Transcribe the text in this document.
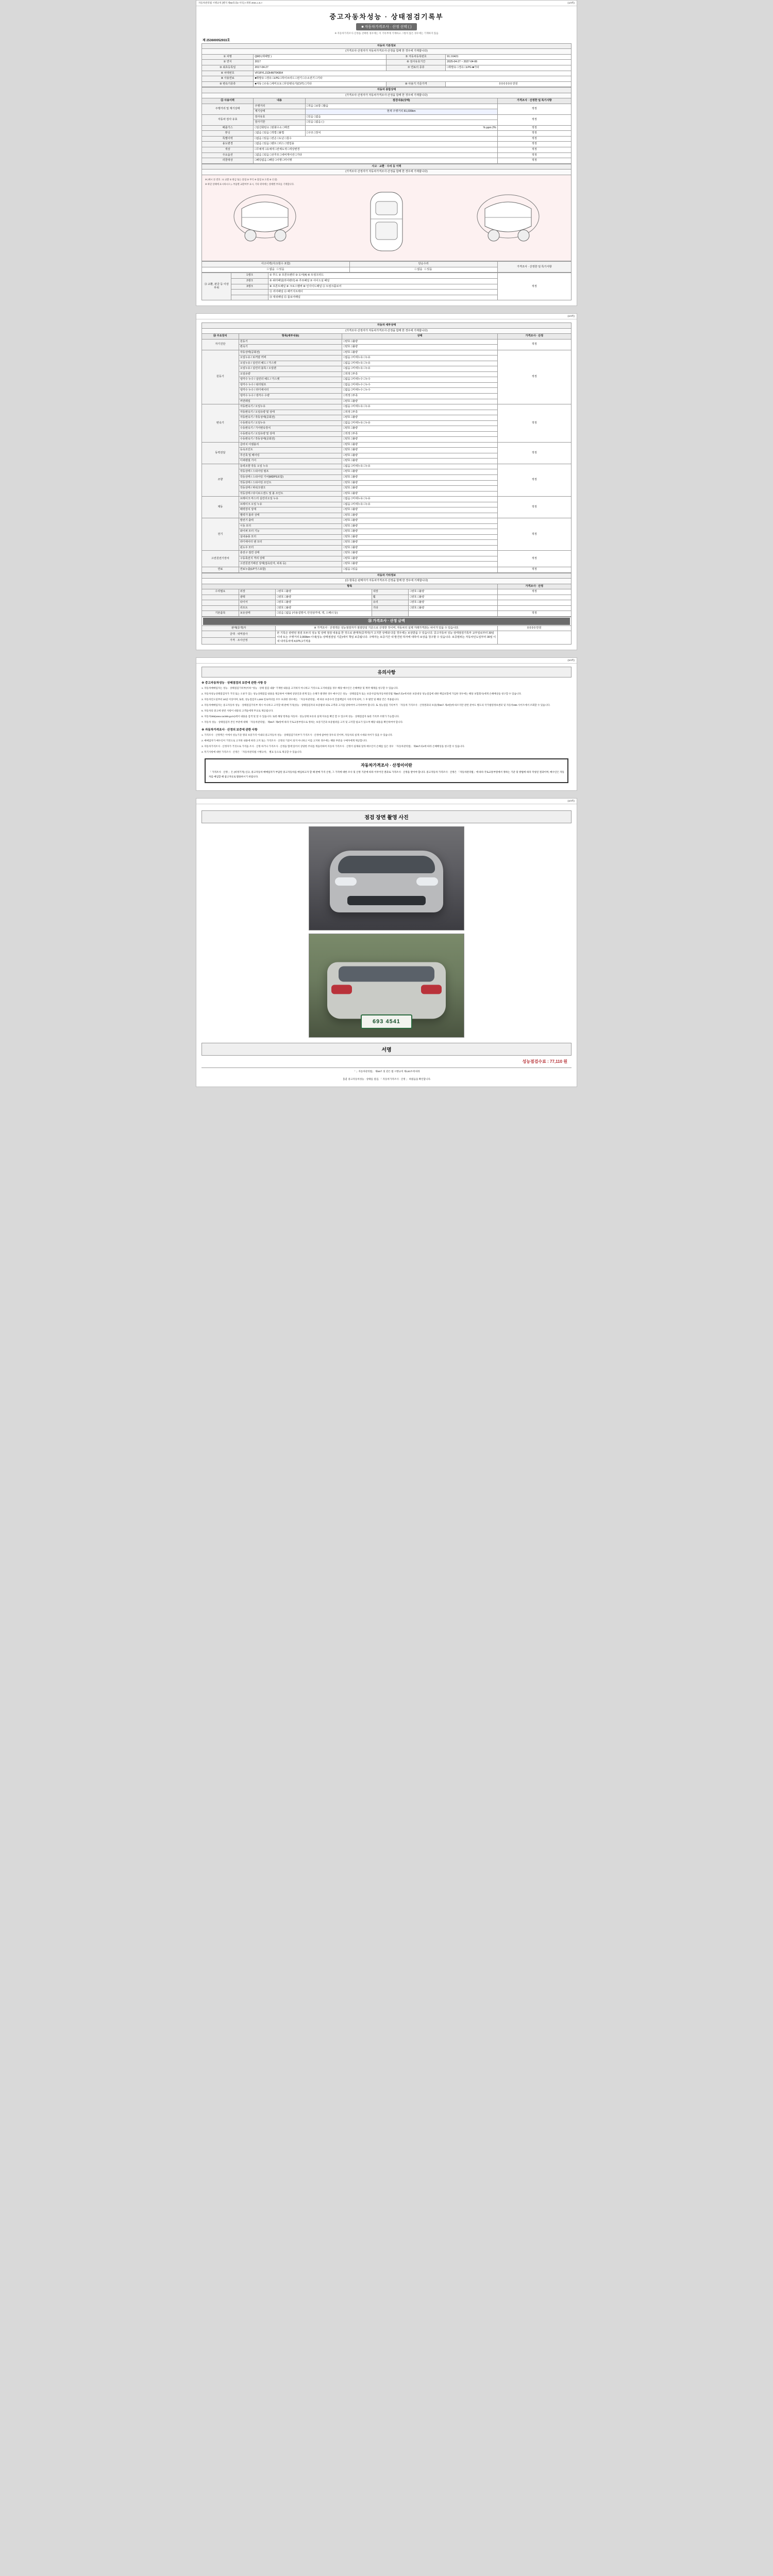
자동차관리법 시행규칙 [별지 제82호의2 서식] <개정 2021.1.5.>	(1/4쪽)
중고자동차성능 · 상태점검기록부
■ 자동차가격조사 · 산정 선택 ( )
※ 자동차가격조사·산정을 선택한 경우에는 이 기록부에 기재하고 그렇지 않은 경우에는 기재하지 않음
제 253600052933호
자동차 기본정보			
(가격조사·산정자가 자동차가격조사·산정을 함께 한 경우에 기재합니다)			
① 차명	QM3 (에쎄딸 )	⑤ 자동차등록번호	91고6421
② 연식	2017	⑥ 검사유효기간	2025-04-27 ~ 2027-04-06
③ 최초등록일	2017-04-27	⑦ 연료의 종류	□휘발유 □경유 □LPG ■기타
④ 차대번호	VF1RYLJ1DHW704364		
⑧ 사용연료	■휘발유 □경유 □LPG □하이브리드 □전기 □수소전기 □기타		
⑨ 변속기종류	■자동 □수동 □세미오토 □무단변속기(CVT) □기타	⑩ 사용기 기준가격	0 0 0 0 0 0 만원
자동차 종합상태			
(가격조사·산정자가 자동차가격조사·산정을 함께 한 경우에 기재합니다)			
⑪ 사용이력	내용	점검내용(상태)	가격조사 · 산정한 일 특기사항
주행거리 및 계기상태	주행거리	□적음 □보통 □많음	적정
	계기상태	현재 주행거리 81,039km	
자동차 검사 유효	검사유효	□있음 □없음	적정
	검사기한	□있음 □없음 ( )	
배출가스	□일산화탄소 □탄화수소 □매연	% ppm 2%	적정
튜닝	□없음 □있음 □적법 □불법	□구조 □장치	적정
특별이력	□없음 □있음 □전손 □도난 □침수		적정
용도변경	□없음 □있음 □렌트 □리스 □영업용		적정
색상	□무채색 □유채색 □전체도색 □색상변경		적정
주요옵션	□없음 □있음 □선루프 □내비게이션 □기타		적정
리콜대상	□해당없음 □해당 □이행 □미이행		적정
사고 · 교환 · 수리 등 이력
(가격조사·산정자가 자동차가격조사·산정을 함께 한 경우에 기재합니다)
※ (예시 ⑫ 번호 : ① 교환 ② 판금 또는 용접 ③ 부식 ④ 흠집 ⑤ 요철 ⑥ 손상)
※ 하단 상태에 표시하시오 ▷ 부품별 교환여부 표시, 기타 위치에는 상태별 부호를 기재합니다.
사고이력(사고/침수 포함)	단순수리	가격조사 · 산정한 일 특기사항
□ 없음   □ 있음	□ 없음   □ 있음	
⑬ 교환, 판금 등 이상 부위	1랭크	① 후드 ② 프론트펜더 ③ 도어(4) ④ 트렁크리드	적정
	2랭크	⑤ 쿼터패널(리어펜더) ⑥ 루프패널 ⑦ 사이드실 패널	
	3랭크	⑧ 프론트패널 ⑨ 크로스멤버 ⑩ 인사이드패널 ⑪ 트렁크플로어	
		⑫ 리어패널 ⑬ 패키지트레이	
		⑭ 대쉬패널 ⑮ 플로어패널	

(2/4쪽)
자동차 세부상태			
(가격조사·산정자가 자동차가격조사·산정을 함께 한 경우에 기재합니다)			
⑭ 주요장치	항목(세부내용)	상태	가격조사 · 산정
자기진단	원동기	□양호 □불량	적정
	변속기	□양호 □불량	
원동기	작동상태(공회전)	□양호 □불량	적정
	오일누유 / 로커암 커버	□없음 □미세누유 □누유	
	오일누유 / 실린더 헤드 / 가스켓	□없음 □미세누유 □누유	
	오일누유 / 실린더 블록 / 오일팬	□없음 □미세누유 □누유	
	오일유량	□적정 □부족	
	냉각수 누수 / 실린더 헤드 / 가스켓	□없음 □미세누수 □누수	
	냉각수 누수 / 워터펌프	□없음 □미세누수 □누수	
	냉각수 누수 / 라디에이터	□없음 □미세누수 □누수	
	냉각수 누수 / 냉각수 수량	□적정 □부족	
	커먼레일	□양호 □불량	
변속기	자동변속기 / 오일누유	□없음 □미세누유 □누유	적정
	자동변속기 / 오일유량 및 상태	□적정 □부족	
	자동변속기 / 작동상태(공회전)	□양호 □불량	
	수동변속기 / 오일누유	□없음 □미세누유 □누유	
	수동변속기 / 기어변속장치	□양호 □불량	
	수동변속기 / 오일유량 및 상태	□적정 □부족	
	수동변속기 / 작동상태(공회전)	□양호 □불량	
동력전달	클러치 어셈블리	□양호 □불량	적정
	등속조인트	□양호 □불량	
	추진축 및 베어링	□양호 □불량	
	디퍼렌셜 기어	□양호 □불량	
조향	동력조향 작동 오일 누유	□없음 □미세누유 □누유	적정
	작동상태 / 스티어링 펌프	□양호 □불량	
	작동상태 / 스티어링 기어(MDPS포함)	□양호 □불량	
	작동상태 / 스티어링 조인트	□양호 □불량	
	작동상태 / 파워크랭크	□양호 □불량	
	작동상태 / 타이로드엔드 및 볼 조인트	□양호 □불량	
제동	브레이크 마스터 실린더오일 누유	□없음 □미세누유 □누유	적정
	브레이크 오일 누유	□없음 □미세누유 □누유	
	배력장치 상태	□양호 □불량	
	별력가 롤라 상태	□양호 □불량	
전기	발전기 출력	□양호 □불량	적정
	시동 모터	□양호 □불량	
	와이퍼 모터 기능	□양호 □불량	
	실내송풍 모터	□양호 □불량	
	라디에이터 팬 모터	□양호 □불량	
	윈도우 모터	□양호 □불량	
고전원전기장치	충전구 절연 상태	□양호 □불량	적정
	구동축전지 격리 상태	□양호 □불량	
	고전원전기배선 상태(접속단자, 피복 등)	□양호 □불량	
연료	연료누출(LP가스포함)	□없음 □있음	적정
자동차 기타정보					
(⑮ 항목은 판매자가 자동차가격조사·산정을 함께 한 경우에 기재합니다)					
항목					가격조사 · 산정
수리필요	외장	□양호 □불량	내장	□양호 □불량	적정
	광택	□양호 □불량	휠	□양호 □불량	
	타이어	□양호 □불량	유리	□양호 □불량	
	리프트	□양호 □불량	기타	□양호 □불량	
기본품목	보유상태	□있음 □없음 (사용설명서, 안전삼각대, 잭, 스패너 등)			적정
⑯ 가격조사 · 산정 금액		

판매(중개)자	※ 가격조사 · 산정액은 성능점검자가 점검당일 기준으로 산정한 것이며, 자동차의 실제 거래가격과는 차이가 있을 수 있습니다.	0 0 0 0 만원
금액 · 내역검사	본 기록은 관련된 점검 모두의 성능 및 상태 점검 내용을 한 것으로 판매자(중개자)가 고지한 상태와 다를 경우에는 보상받을 수 있습니다. 중고자동차 성능·상태점검기록부 교부일로부터 30일 이내 또는 주행거리 2,000km 이내(성능·상태점검일 기준)에서 책임 보증됩니다. 구매자는 보증기간 내 발견된 하자에 대하여 보상을 청구할 수 있습니다. 보증범위는 자동차인도일부터 30일 이내 내자동차에 4,075,1기적용	
가격 · 조사산정		

(3/4쪽)
유의사항
※ 중고자동차성능 · 상태점검의 보증에 관한 사항 등

1. 자동차매매업자는 성능 · 상태점검기록부(이하 "성능 · 상태 점검 내용" 기재한 내용을 고지하지 아니하고 거짓으로 고지하였을 경우 해당 매수인은 손해배상 및 계약 해제를 청구할 수 있습니다.

2. 자동차성능상태점검자가 거짓 또는 오류가 있는 성능상태점검 내용을 제공하여 이해에 상당인과 관계 있는 손해가 발생한 경우 매수인은 성능 · 상태점검자 또는 보증사업자(자동차관리법 제58조의4에 따른 보증대상 성능점검에 대한 책임보험에 가입한 경우에는 해당 보험회사)에게 손해배상을 청구할 수 있습니다.

3. 자동차인도일부터 30일 이상이며, 또한, 성능점검자 1,000 킬로미터를 모두 초과한 경우에는 「자동차관리법」에 따른 보증수리 간접책임이 사라지게 되며, 그 후 발견 및 해당 건은 적용됩니다.

4. 자동차매매업자는 중고자동차 성능 · 상태점검기록부 제시 아니하고 고지할 때 판매 가격(성능 · 상태점검자의 보증범위 외로 고객과 고지를 당하여야 고지하여야 합니다. 또 성능점검 기록부가 「자동차 가격조사 · 산정결과의 보증(제58조 제4항)에 따르지만 관련 분야도 별도의 국가법령정보센터 및 자동차365 사이트에서 조회할 수 있습니다.

5. 자동차의 중고에 관련 사항이 대중의 고객들에게 무료로 제공됩니다.

6. 자동차365(www.car365.go.kr)에서 내용을 검색 및 알 수 있습니다. 또한 해당 항목을 자동차 · 성능상태 보유의 실제 자료를 확인 할 수 있으며 성능 · 상태점검자 또한 기록부 조회가 가능합니다.

7. 자동차 성능 · 상태점검자 본인 부분에 대해 「자동차관리법」 제58조 제5항에 따라 국토교통부령으로 정하는 보증기간과 보증범위를 고지 및 고지할 필요가 있으며 해당 내용을 확인하여야 합니다.

※ 자동차가격조사 · 산정의 보증에 관한 사항

1. 가격조사 · 산정액은 이에서 성능기준 명의 보증가격 이내의 중고자동차 성능 · 상태점검기록부가 가격조사 · 산정에 참여한 경우의 것이며, 자동차의 실제 시세와 차이가 있을 수 있습니다.

2. 매매업자가 매수인이 거짓으로 고지한 내용에 따라 고지 또는 가격조사 · 산정의 기준이 되지 아니하고 이를 고지한 경우에는 해당 부분을 구매자에게 제공합니다.

3. 자동차가격조사 · 산정자가 거짓으로 가격을 조사 · 산정 하거나 가격조사 · 산정을 함에 있어서 상당한 주의를 게을리하여 자동차 가격조사 · 산정이 실제와 달라 매수인이 손해를 입은 경우 「자동차관리법」 제58조의4에 따라 손해배상을 청구할 수 있습니다.

4. 특기사항에 대한 가격조사 · 산정은 「자동차관리법 시행규칙」 별표 등으로 제공할 수 있습니다.

자동차가격조사 · 산정이이란
「 가격조사 · 산정 」은 (비정기적) 신규, 중고자동차 매매업자가 부담된 중고자동차를 매입하고자 할 때 판매 가격 산정, 그 가격에 대한 조사 및 산정 기준에 따라 이루어진 결과로 가격조사 · 산정을 받아야 합니다. 중고자동차 가격조사 · 산정은 「자동차관리법」에 따라 국토교통부령에서 정하는 기준 및 방법에 따라 작성된 결과이며, 매수인은 자동차를 매입할 때 참고자료로 활용하시기 바랍니다.

(4/4쪽)
점검 장면 촬영 사진
693 4541
서명
성능점검수료 : 77,110 원
「 」자동차관리법」 제58조 및 같은 법 시행규칙 제120조에 따라
【1】중고자동차성능 · 상태를 점검, 「 자동차가격조사 · 산정 」 하였음을 확인합니다.
